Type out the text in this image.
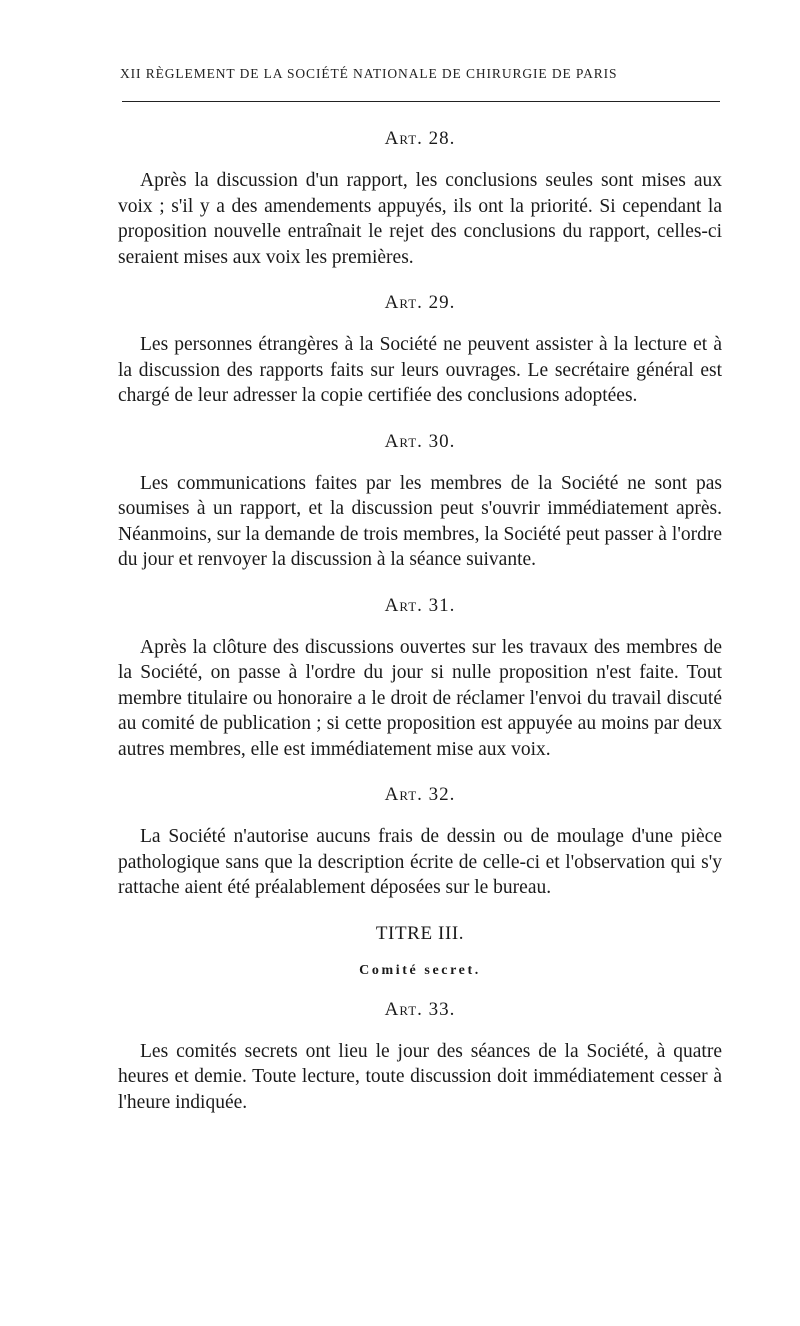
XII RÈGLEMENT DE LA SOCIÉTÉ NATIONALE DE CHIRURGIE DE PARIS
Art. 28.

Après la discussion d'un rapport, les conclusions seules sont mises aux voix ; s'il y a des amendements appuyés, ils ont la priorité. Si cependant la proposition nouvelle entraînait le rejet des conclusions du rapport, celles-ci seraient mises aux voix les premières.

Art. 29.

Les personnes étrangères à la Société ne peuvent assister à la lecture et à la discussion des rapports faits sur leurs ouvrages. Le secrétaire général est chargé de leur adresser la copie certifiée des conclusions adoptées.

Art. 30.

Les communications faites par les membres de la Société ne sont pas soumises à un rapport, et la discussion peut s'ouvrir immédiatement après. Néanmoins, sur la demande de trois membres, la Société peut passer à l'ordre du jour et renvoyer la discussion à la séance suivante.

Art. 31.

Après la clôture des discussions ouvertes sur les travaux des membres de la Société, on passe à l'ordre du jour si nulle proposition n'est faite. Tout membre titulaire ou honoraire a le droit de réclamer l'envoi du travail discuté au comité de publication ; si cette proposition est appuyée au moins par deux autres membres, elle est immédiatement mise aux voix.

Art. 32.

La Société n'autorise aucuns frais de dessin ou de moulage d'une pièce pathologique sans que la description écrite de celle-ci et l'observation qui s'y rattache aient été préalablement déposées sur le bureau.

TITRE III.
Comité secret.
Art. 33.

Les comités secrets ont lieu le jour des séances de la Société, à quatre heures et demie. Toute lecture, toute discussion doit immédiatement cesser à l'heure indiquée.
